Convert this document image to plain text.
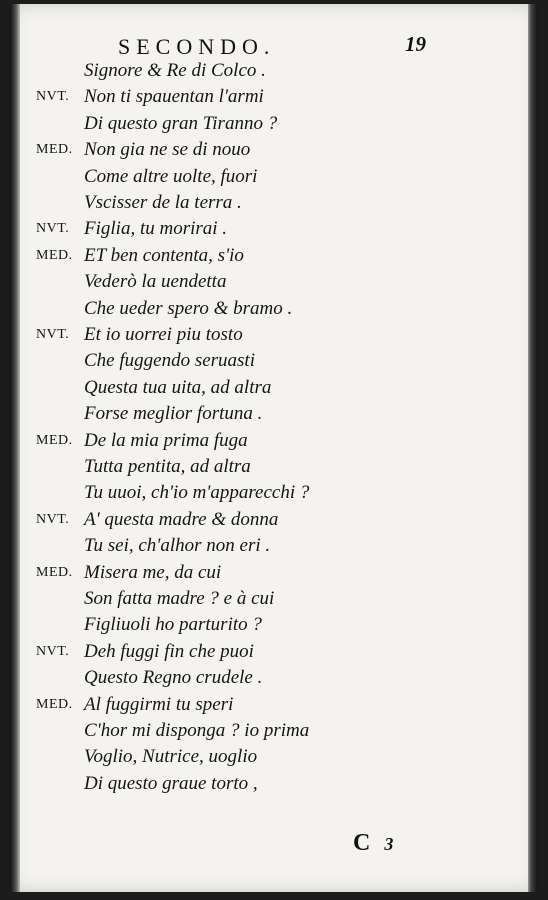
SECONDO.	19
Signore & Re di Colco .
NVT. Non ti spauentan l'armi
Di questo gran Tiranno ?
MED. Non gia ne se di nouo
Come altre uolte, fuori
Vscisser de la terra .
NVT. Figlia, tu morirai .
MED. ET ben contenta, s'io
Vederò la uendetta
Che ueder spero & bramo .
NVT. Et io uorrei piu tosto
Che fuggendo seruasti
Questa tua uita, ad altra
Forse meglior fortuna .
MED. De la mia prima fuga
Tutta pentita, ad altra
Tu uuoi, ch'io m'apparecchi ?
NVT. A' questa madre & donna
Tu sei, ch'alhor non eri .
MED. Misera me, da cui
Son fatta madre ? e à cui
Figliuoli ho parturito ?
NVT. Deh fuggi fin che puoi
Questo Regno crudele .
MED. Al fuggirmi tu speri
C'hor mi disponga ? io prima
Voglio, Nutrice, uoglio
Di questo graue torto ,
C 3
